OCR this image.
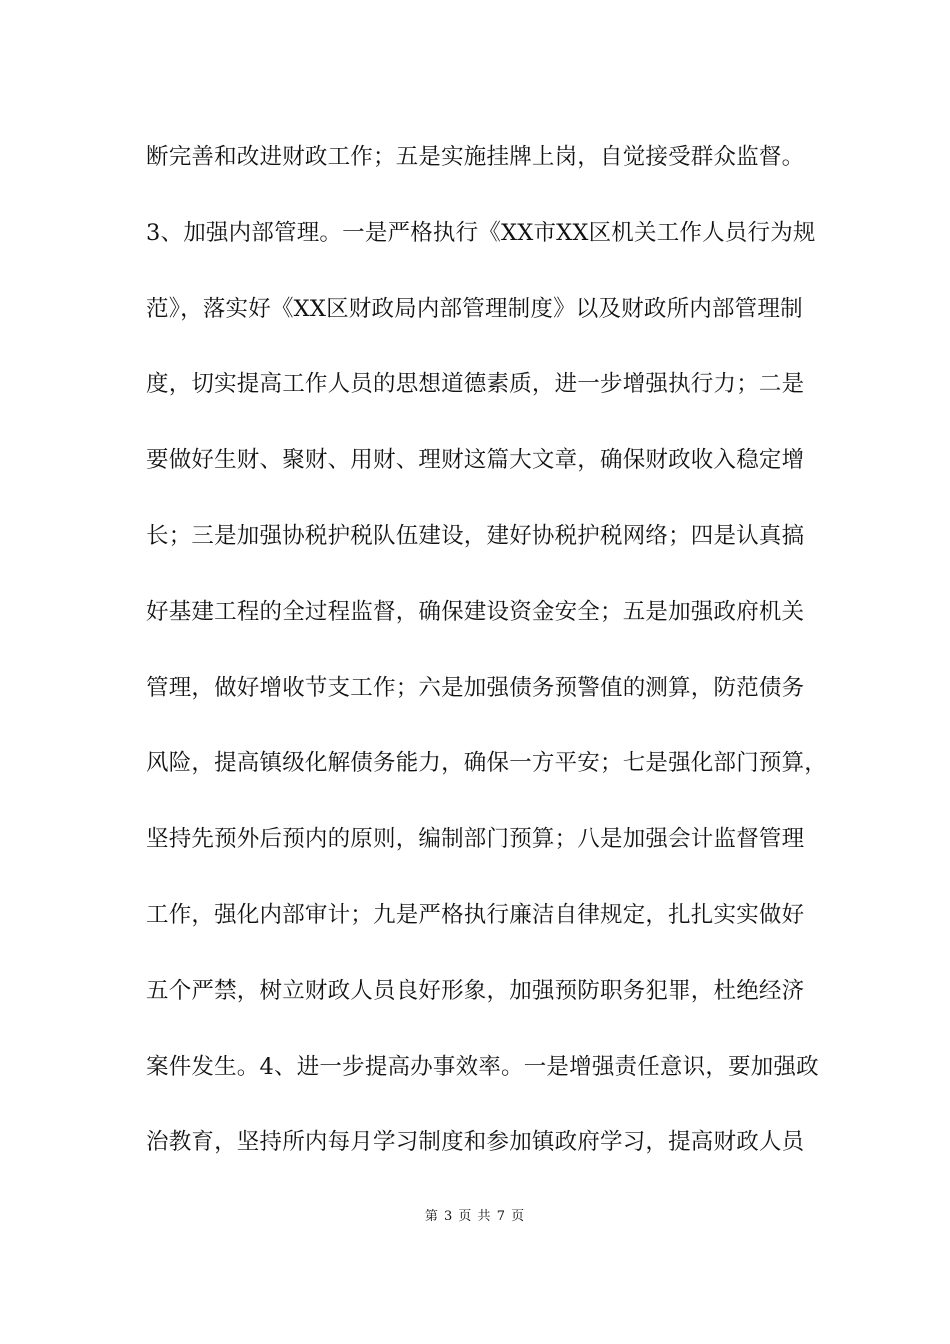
断完善和改进财政工作；五是实施挂牌上岗，自觉接受群众监督。
3、加强内部管理。一是严格执行《XX市XX区机关工作人员行为规
范》，落实好《XX区财政局内部管理制度》以及财政所内部管理制
度，切实提高工作人员的思想道德素质，进一步增强执行力；二是
要做好生财、聚财、用财、理财这篇大文章，确保财政收入稳定增
长；三是加强协税护税队伍建设，建好协税护税网络；四是认真搞
好基建工程的全过程监督，确保建设资金安全；五是加强政府机关
管理，做好增收节支工作；六是加强债务预警值的测算，防范债务
风险，提高镇级化解债务能力，确保一方平安；七是强化部门预算，
坚持先预外后预内的原则，编制部门预算；八是加强会计监督管理
工作，强化内部审计；九是严格执行廉洁自律规定，扎扎实实做好
五个严禁，树立财政人员良好形象，加强预防职务犯罪，杜绝经济
案件发生。4、进一步提高办事效率。一是增强责任意识，要加强政
治教育，坚持所内每月学习制度和参加镇政府学习，提高财政人员
第 3 页 共 7 页
